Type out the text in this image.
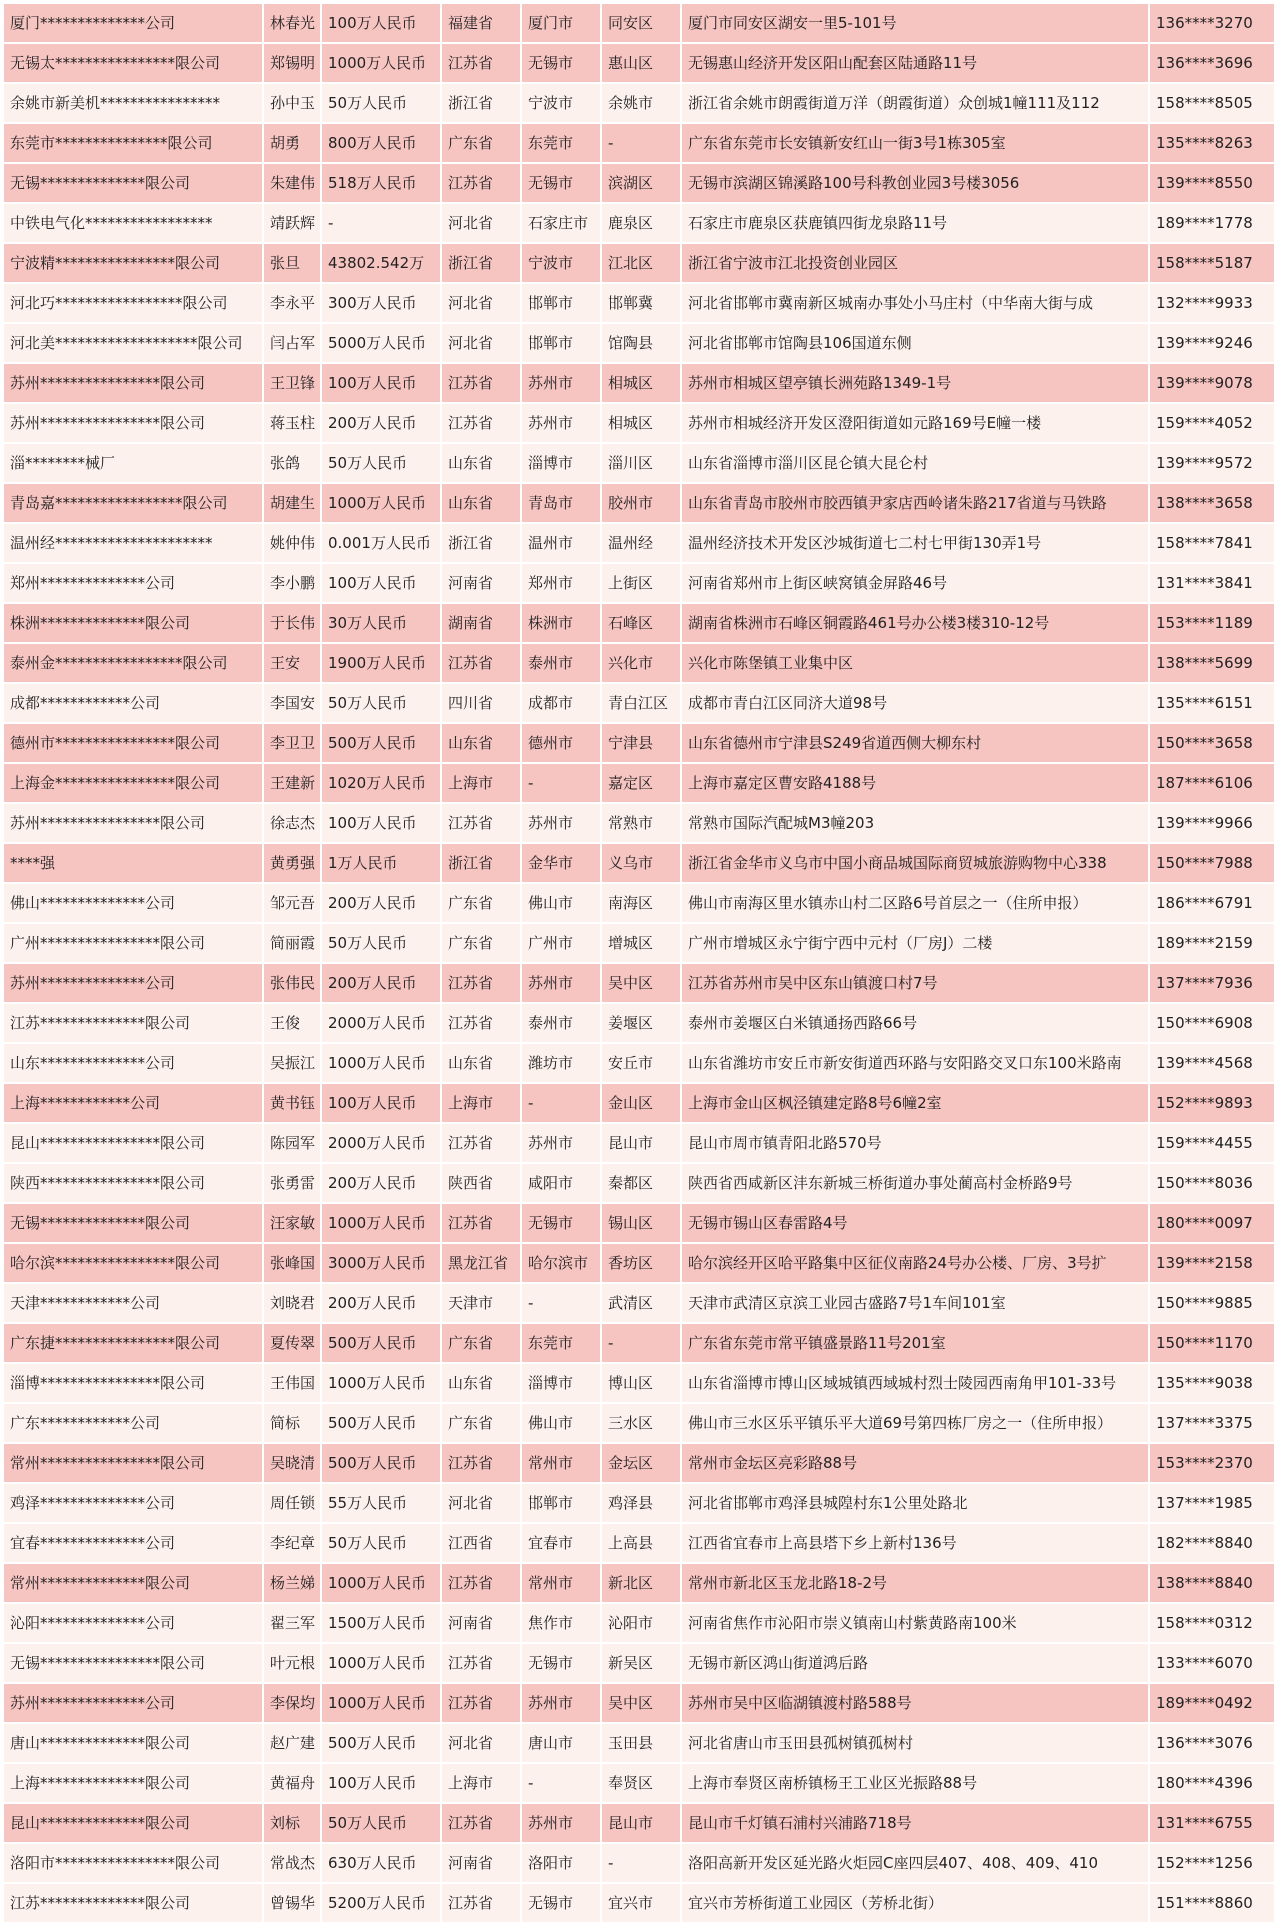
厦门**************公司	林春光	100万人民币	福建省	厦门市	同安区	厦门市同安区湖安一里5-101号	136****3270
无锡太****************限公司	郑锡明	1000万人民币	江苏省	无锡市	惠山区	无锡惠山经济开发区阳山配套区陆通路11号	136****3696
余姚市新美机****************	孙中玉	50万人民币	浙江省	宁波市	余姚市	浙江省余姚市朗霞街道万洋（朗霞街道）众创城1幢111及112	158****8505
东莞市***************限公司	胡勇	800万人民币	广东省	东莞市	-	广东省东莞市长安镇新安红山一街3号1栋305室	135****8263
无锡**************限公司	朱建伟	518万人民币	江苏省	无锡市	滨湖区	无锡市滨湖区锦溪路100号科教创业园3号楼3056	139****8550
中铁电气化*****************	靖跃辉	-	河北省	石家庄市	鹿泉区	石家庄市鹿泉区获鹿镇四街龙泉路11号	189****1778
宁波精****************限公司	张旦	43802.542万	浙江省	宁波市	江北区	浙江省宁波市江北投资创业园区	158****5187
河北巧*****************限公司	李永平	300万人民币	河北省	邯郸市	邯郸冀	河北省邯郸市冀南新区城南办事处小马庄村（中华南大街与成	132****9933
河北美*******************限公司	闫占军	5000万人民币	河北省	邯郸市	馆陶县	河北省邯郸市馆陶县106国道东侧	139****9246
苏州****************限公司	王卫锋	100万人民币	江苏省	苏州市	相城区	苏州市相城区望亭镇长洲苑路1349-1号	139****9078
苏州****************限公司	蒋玉柱	200万人民币	江苏省	苏州市	相城区	苏州市相城经济开发区澄阳街道如元路169号E幢一楼	159****4052
淄********械厂	张鸽	50万人民币	山东省	淄博市	淄川区	山东省淄博市淄川区昆仑镇大昆仑村	139****9572
青岛嘉*****************限公司	胡建生	1000万人民币	山东省	青岛市	胶州市	山东省青岛市胶州市胶西镇尹家店西岭诸朱路217省道与马铁路	138****3658
温州经*********************	姚仲伟	0.001万人民币	浙江省	温州市	温州经	温州经济技术开发区沙城街道七二村七甲街130弄1号	158****7841
郑州**************公司	李小鹏	100万人民币	河南省	郑州市	上街区	河南省郑州市上街区峡窝镇金屏路46号	131****3841
株洲**************限公司	于长伟	30万人民币	湖南省	株洲市	石峰区	湖南省株洲市石峰区铜霞路461号办公楼3楼310-12号	153****1189
泰州金*****************限公司	王安	1900万人民币	江苏省	泰州市	兴化市	兴化市陈堡镇工业集中区	138****5699
成都************公司	李国安	50万人民币	四川省	成都市	青白江区	成都市青白江区同济大道98号	135****6151
德州市****************限公司	李卫卫	500万人民币	山东省	德州市	宁津县	山东省德州市宁津县S249省道西侧大柳东村	150****3658
上海金****************限公司	王建新	1020万人民币	上海市	-	嘉定区	上海市嘉定区曹安路4188号	187****6106
苏州****************限公司	徐志杰	100万人民币	江苏省	苏州市	常熟市	常熟市国际汽配城M3幢203	139****9966
****强	黄勇强	1万人民币	浙江省	金华市	义乌市	浙江省金华市义乌市中国小商品城国际商贸城旅游购物中心338	150****7988
佛山**************公司	邹元吾	200万人民币	广东省	佛山市	南海区	佛山市南海区里水镇赤山村二区路6号首层之一（住所申报）	186****6791
广州****************限公司	简丽霞	50万人民币	广东省	广州市	增城区	广州市增城区永宁街宁西中元村（厂房J）二楼	189****2159
苏州**************公司	张伟民	200万人民币	江苏省	苏州市	吴中区	江苏省苏州市吴中区东山镇渡口村7号	137****7936
江苏**************限公司	王俊	2000万人民币	江苏省	泰州市	姜堰区	泰州市姜堰区白米镇通扬西路66号	150****6908
山东**************公司	吴振江	1000万人民币	山东省	潍坊市	安丘市	山东省潍坊市安丘市新安街道西环路与安阳路交叉口东100米路南	139****4568
上海************公司	黄书钰	100万人民币	上海市	-	金山区	上海市金山区枫泾镇建定路8号6幢2室	152****9893
昆山****************限公司	陈园军	2000万人民币	江苏省	苏州市	昆山市	昆山市周市镇青阳北路570号	159****4455
陕西****************限公司	张勇雷	200万人民币	陕西省	咸阳市	秦都区	陕西省西咸新区沣东新城三桥街道办事处蔺高村金桥路9号	150****8036
无锡**************限公司	汪家敏	1000万人民币	江苏省	无锡市	锡山区	无锡市锡山区春雷路4号	180****0097
哈尔滨****************限公司	张峰国	3000万人民币	黑龙江省	哈尔滨市	香坊区	哈尔滨经开区哈平路集中区征仪南路24号办公楼、厂房、3号扩	139****2158
天津************公司	刘晓君	200万人民币	天津市	-	武清区	天津市武清区京滨工业园古盛路7号1车间101室	150****9885
广东捷****************限公司	夏传翠	500万人民币	广东省	东莞市	-	广东省东莞市常平镇盛景路11号201室	150****1170
淄博****************限公司	王伟国	1000万人民币	山东省	淄博市	博山区	山东省淄博市博山区域城镇西域城村烈士陵园西南角甲101-33号	135****9038
广东************公司	简标	500万人民币	广东省	佛山市	三水区	佛山市三水区乐平镇乐平大道69号第四栋厂房之一（住所申报）	137****3375
常州****************限公司	吴晓清	500万人民币	江苏省	常州市	金坛区	常州市金坛区亮彩路88号	153****2370
鸡泽**************公司	周任锁	55万人民币	河北省	邯郸市	鸡泽县	河北省邯郸市鸡泽县城隍村东1公里处路北	137****1985
宜春**************公司	李纪章	50万人民币	江西省	宜春市	上高县	江西省宜春市上高县塔下乡上新村136号	182****8840
常州**************限公司	杨兰娣	1000万人民币	江苏省	常州市	新北区	常州市新北区玉龙北路18-2号	138****8840
沁阳**************公司	翟三军	1500万人民币	河南省	焦作市	沁阳市	河南省焦作市沁阳市崇义镇南山村紫黄路南100米	158****0312
无锡****************限公司	叶元根	1000万人民币	江苏省	无锡市	新吴区	无锡市新区鸿山街道鸿后路	133****6070
苏州**************公司	李保均	1000万人民币	江苏省	苏州市	吴中区	苏州市吴中区临湖镇渡村路588号	189****0492
唐山**************限公司	赵广建	500万人民币	河北省	唐山市	玉田县	河北省唐山市玉田县孤树镇孤树村	136****3076
上海**************限公司	黄福舟	100万人民币	上海市	-	奉贤区	上海市奉贤区南桥镇杨王工业区光振路88号	180****4396
昆山**************限公司	刘标	50万人民币	江苏省	苏州市	昆山市	昆山市千灯镇石浦村兴浦路718号	131****6755
洛阳市****************限公司	常战杰	630万人民币	河南省	洛阳市	-	洛阳高新开发区延光路火炬园C座四层407、408、409、410	152****1256
江苏**************限公司	曾锡华	5200万人民币	江苏省	无锡市	宜兴市	宜兴市芳桥街道工业园区（芳桥北街）	151****8860
